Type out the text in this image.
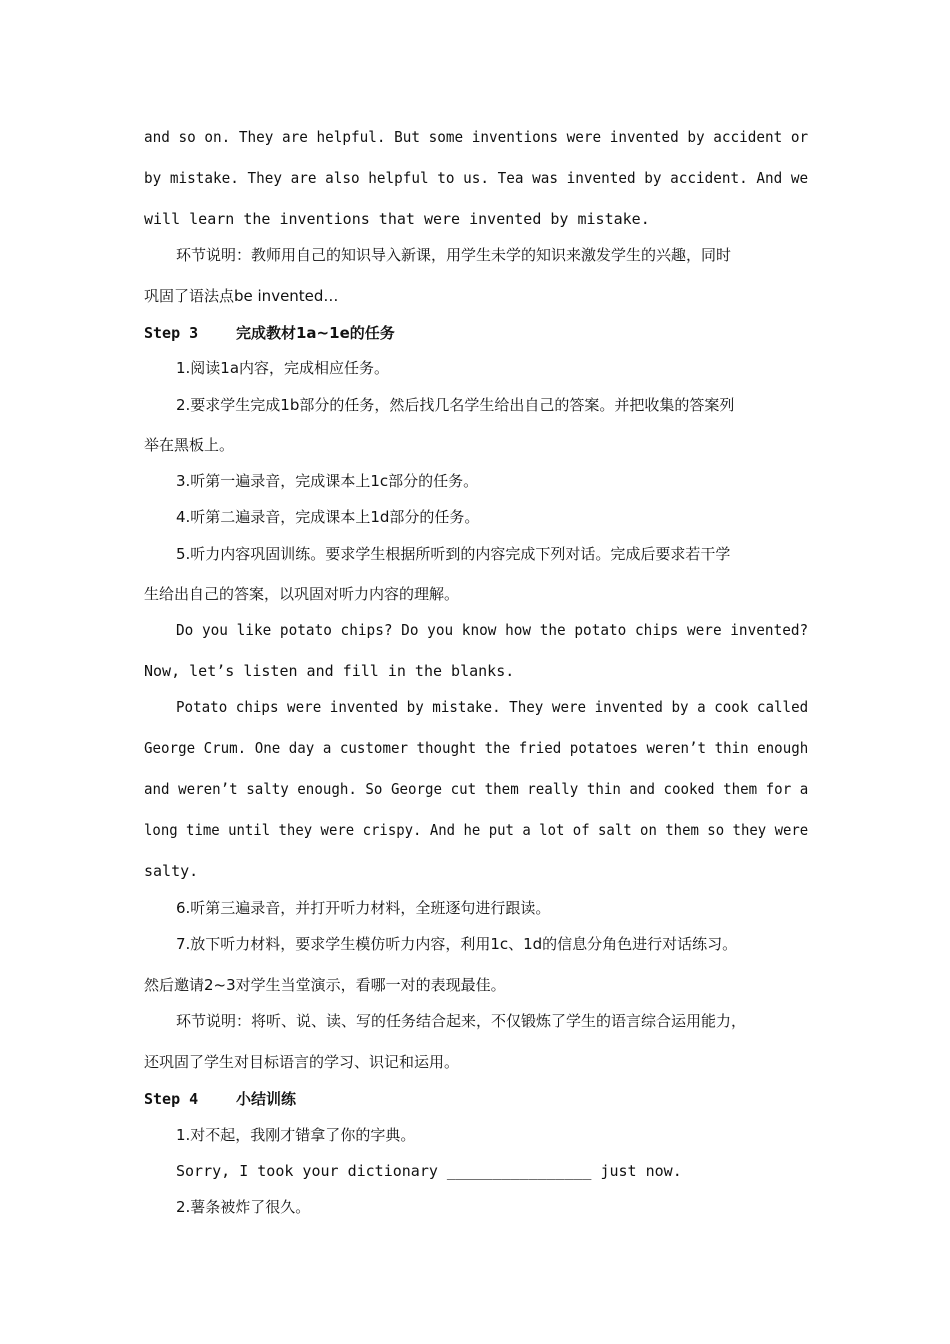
and so on. They are helpful. But some inventions were invented by accident or
by mistake. They are also helpful to us. Tea was invented by accident. And we
will learn the inventions that were invented by mistake.
环节说明：教师用自己的知识导入新课，用学生未学的知识来激发学生的兴趣，同时
巩固了语法点be invented…
Step 3	完成教材1a~1e的任务
1.阅读1a内容，完成相应任务。
2.要求学生完成1b部分的任务，然后找几名学生给出自己的答案。并把收集的答案列
举在黑板上。
3.听第一遍录音，完成课本上1c部分的任务。
4.听第二遍录音，完成课本上1d部分的任务。
5.听力内容巩固训练。要求学生根据所听到的内容完成下列对话。完成后要求若干学
生给出自己的答案，以巩固对听力内容的理解。
Do you like potato chips? Do you know how the potato chips were invented?
Now, let’s listen and fill in the blanks.
Potato chips were invented by mistake. They were invented by a cook called
George Crum. One day a customer thought the fried potatoes weren’t thin enough
and weren’t salty enough. So George cut them really thin and cooked them for a
long time until they were crispy. And he put a lot of salt on them so they were
salty.
6.听第三遍录音，并打开听力材料，全班逐句进行跟读。
7.放下听力材料，要求学生模仿听力内容，利用1c、1d的信息分角色进行对话练习。
然后邀请2~3对学生当堂演示，看哪一对的表现最佳。
环节说明：将听、说、读、写的任务结合起来，不仅锻炼了学生的语言综合运用能力，
还巩固了学生对目标语言的学习、识记和运用。
Step 4	小结训练
1.对不起，我刚才错拿了你的字典。
Sorry, I took your dictionary ________________ just now.
2.薯条被炸了很久。
